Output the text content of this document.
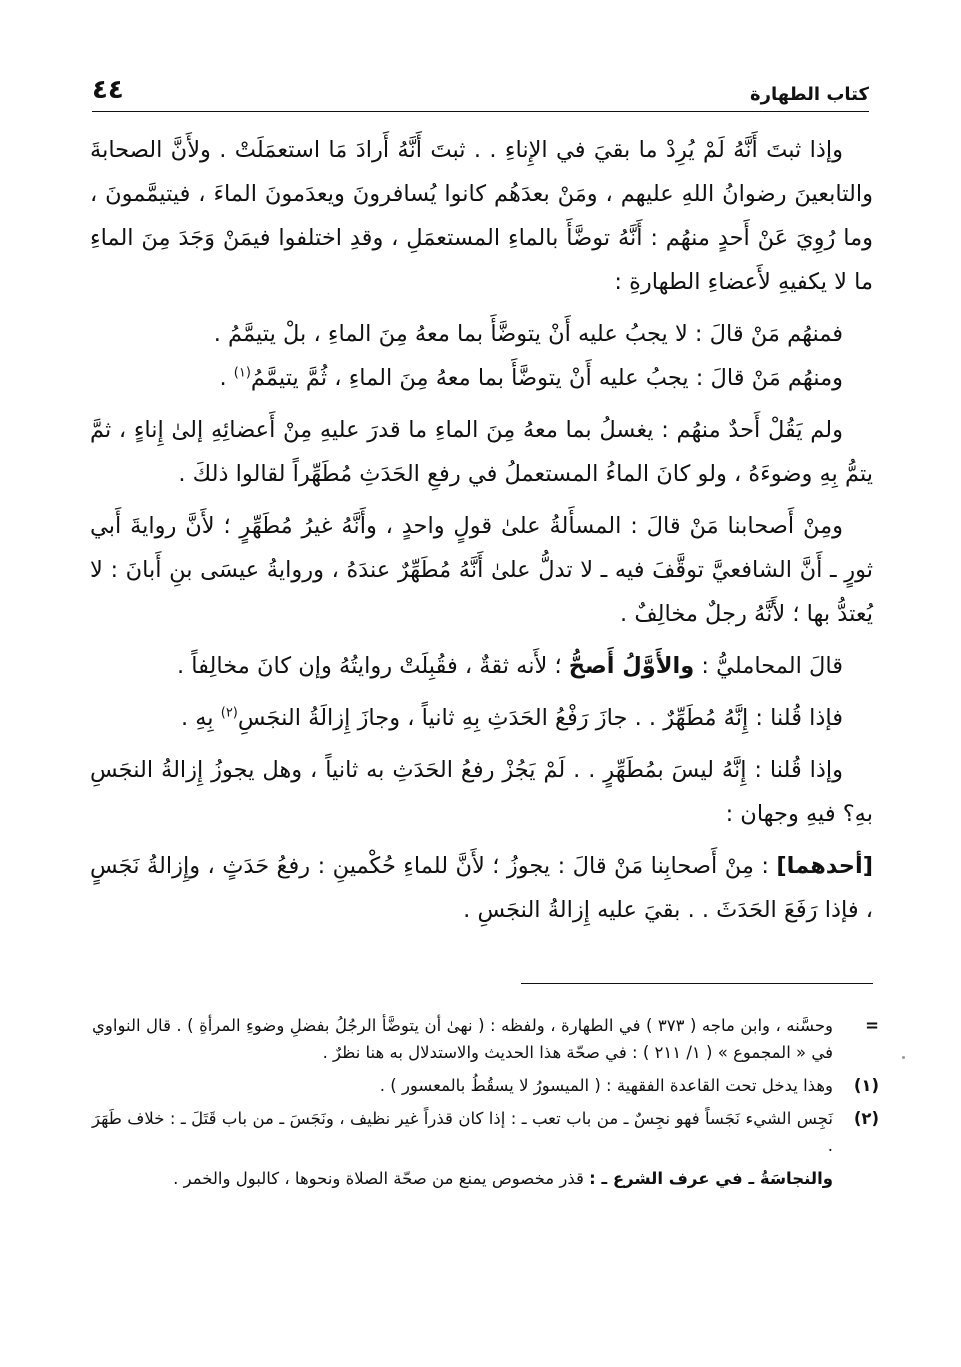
كتاب الطهارة
٤٤

وإذا ثبتَ أَنَّهُ لَمْ يُرِدْ ما بقيَ في الإِناءِ . . ثبتَ أَنَّهُ أَرادَ مَا استعمَلَتْ . ولأَنَّ الصحابةَ والتابعينَ رضوانُ اللهِ عليهم ، ومَنْ بعدَهُم كانوا يُسافرونَ ويعدَمونَ الماءَ ، فيتيمَّمونَ ، وما رُوِيَ عَنْ أَحدٍ منهُم : أَنَّهُ توضَّأَ بالماءِ المستعمَلِ ، وقدِ اختلفوا فيمَنْ وَجَدَ مِنَ الماءِ ما لا يكفيهِ لأَعضاءِ الطهارةِ :

فمنهُم مَنْ قالَ : لا يجبُ عليه أَنْ يتوضَّأَ بما معهُ مِنَ الماءِ ، بلْ يتيمَّمُ .

ومنهُم مَنْ قالَ : يجبُ عليه أَنْ يتوضَّأَ بما معهُ مِنَ الماءِ ، ثُمَّ يتيمَّمُ$^{(١)}$ .

ولم يَقُلْ أَحدٌ منهُم : يغسلُ بما معهُ مِنَ الماءِ ما قدرَ عليهِ مِنْ أَعضائِهِ إلىٰ إِناءٍ ، ثمَّ يتمُّ بِهِ وضوءَهُ ، ولو كانَ الماءُ المستعملُ في رفعِ الحَدَثِ مُطَهِّراً لقالوا ذلكَ .

ومِنْ أَصحابنا مَنْ قالَ : المسأَلةُ علىٰ قولٍ واحدٍ ، وأَنَّهُ غيرُ مُطَهِّرٍ ؛ لأَنَّ روايةَ أَبي ثورٍ ـ أَنَّ الشافعيَّ توقَّفَ فيه ـ لا تدلُّ علىٰ أَنَّهُ مُطَهِّرٌ عندَهُ ، وروايةُ عيسَى بنِ أَبانَ : لا يُعتدُّ بها ؛ لأَنَّهُ رجلٌ مخالِفٌ .

قالَ المحامليُّ : والأَوَّلُ أَصحُّ ؛ لأَنه ثقةٌ ، فقُبِلَتْ روايتُهُ وإن كانَ مخالِفاً .

فإذا قُلنا : إِنَّهُ مُطَهِّرٌ . . جازَ رَفْعُ الحَدَثِ بِهِ ثانياً ، وجازَ إِزالَةُ النجَسِ$^{(٢)}$ بِهِ .

وإذا قُلنا : إِنَّهُ ليسَ بمُطَهِّرٍ . . لَمْ يَجُزْ رفعُ الحَدَثِ به ثانياً ، وهل يجوزُ إِزالةُ النجَسِ بهِ؟ فيهِ وجهان :

[أحدهما] : مِنْ أَصحابِنا مَنْ قالَ : يجوزُ ؛ لأَنَّ للماءِ حُكْمينِ : رفعُ حَدَثٍ ، وإِزالةُ نَجَسٍ ، فإذا رَفَعَ الحَدَثَ . . بقيَ عليه إِزالةُ النجَسِ .

=
وحسَّنه ، وابن ماجه ( ٣٧٣ ) في الطهارة ، ولفظه : ( نهىٰ أن يتوضَّأ الرجُلُ بفضلِ وضوءِ المرأةِ ) . قال النواوي في « المجموع » ( ١/ ٢١١ ) : في صحّة هذا الحديث والاستدلال به هنا نظرٌ .
(١)
وهذا يدخل تحت القاعدة الفقهية : ( الميسورُ لا يسقُطُ بالمعسور ) .
(٢)
نَجِس الشيء نَجَساً فهو نجِسٌ ـ من باب تعب ـ : إذا كان قذراً غير نظيف ، ونَجَسَ ـ من باب قَتَلَ ـ : خلاف طَهَرَ .
والنجاسَةُ ـ في عرف الشرع ـ : قذر مخصوص يمنع من صحّة الصلاة ونحوها ، كالبول والخمر .
